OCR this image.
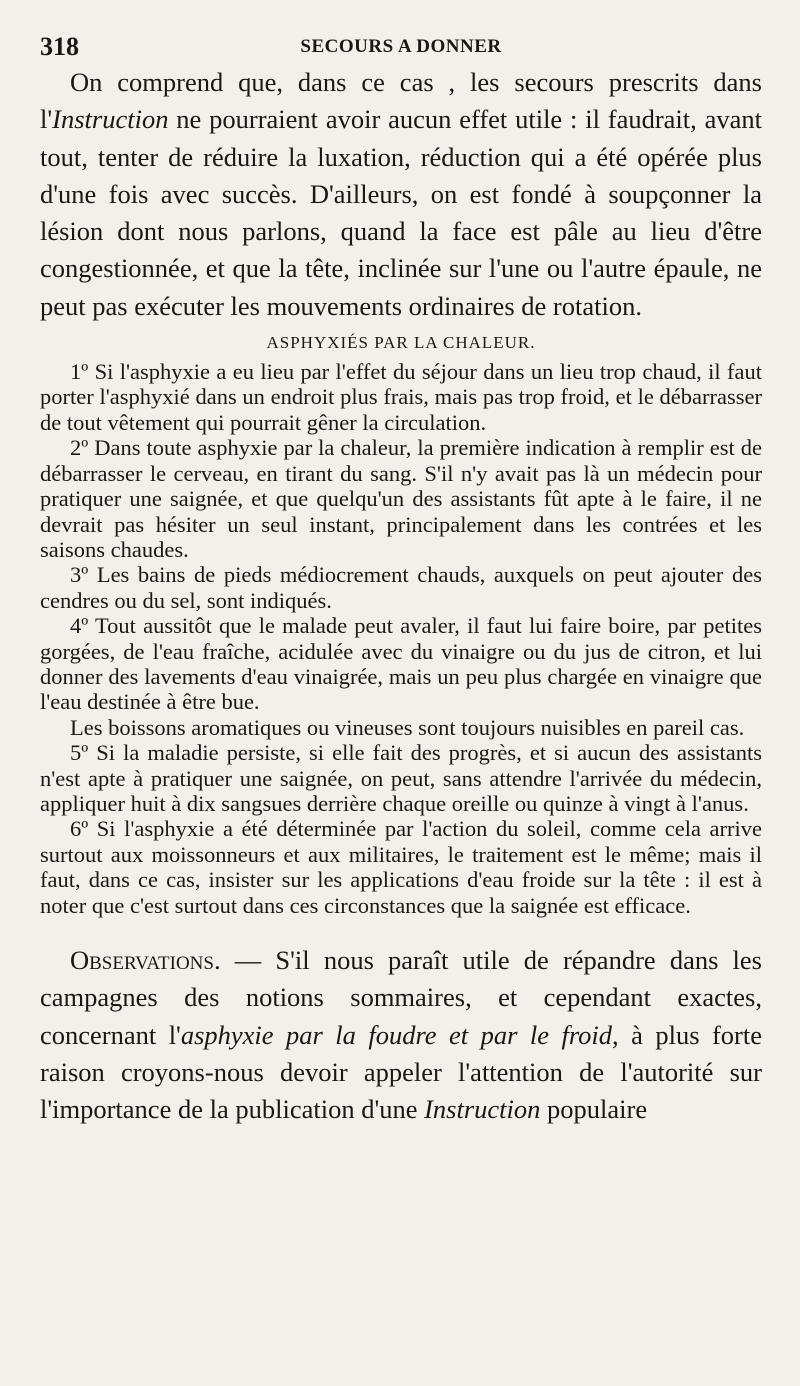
318	SECOURS A DONNER

On comprend que, dans ce cas , les secours prescrits dans l'Instruction ne pourraient avoir aucun effet utile : il faudrait, avant tout, tenter de réduire la luxation, réduction qui a été opérée plus d'une fois avec succès. D'ailleurs, on est fondé à soupçonner la lésion dont nous parlons, quand la face est pâle au lieu d'être congestionnée, et que la tête, inclinée sur l'une ou l'autre épaule, ne peut pas exécuter les mouvements ordinaires de rotation.

ASPHYXIÉS PAR LA CHALEUR.

1º Si l'asphyxie a eu lieu par l'effet du séjour dans un lieu trop chaud, il faut porter l'asphyxié dans un endroit plus frais, mais pas trop froid, et le débarrasser de tout vêtement qui pourrait gêner la circulation.

2º Dans toute asphyxie par la chaleur, la première indication à remplir est de débarrasser le cerveau, en tirant du sang. S'il n'y avait pas là un médecin pour pratiquer une saignée, et que quelqu'un des assistants fût apte à le faire, il ne devrait pas hésiter un seul instant, principalement dans les contrées et les saisons chaudes.

3º Les bains de pieds médiocrement chauds, auxquels on peut ajouter des cendres ou du sel, sont indiqués.

4º Tout aussitôt que le malade peut avaler, il faut lui faire boire, par petites gorgées, de l'eau fraîche, acidulée avec du vinaigre ou du jus de citron, et lui donner des lavements d'eau vinaigrée, mais un peu plus chargée en vinaigre que l'eau destinée à être bue.

Les boissons aromatiques ou vineuses sont toujours nuisibles en pareil cas.

5º Si la maladie persiste, si elle fait des progrès, et si aucun des assistants n'est apte à pratiquer une saignée, on peut, sans attendre l'arrivée du médecin, appliquer huit à dix sangsues derrière chaque oreille ou quinze à vingt à l'anus.

6º Si l'asphyxie a été déterminée par l'action du soleil, comme cela arrive surtout aux moissonneurs et aux militaires, le traitement est le même; mais il faut, dans ce cas, insister sur les applications d'eau froide sur la tête : il est à noter que c'est surtout dans ces circonstances que la saignée est efficace.

Observations. — S'il nous paraît utile de répandre dans les campagnes des notions sommaires, et cependant exactes, concernant l'asphyxie par la foudre et par le froid, à plus forte raison croyons-nous devoir appeler l'attention de l'autorité sur l'importance de la publication d'une Instruction populaire
